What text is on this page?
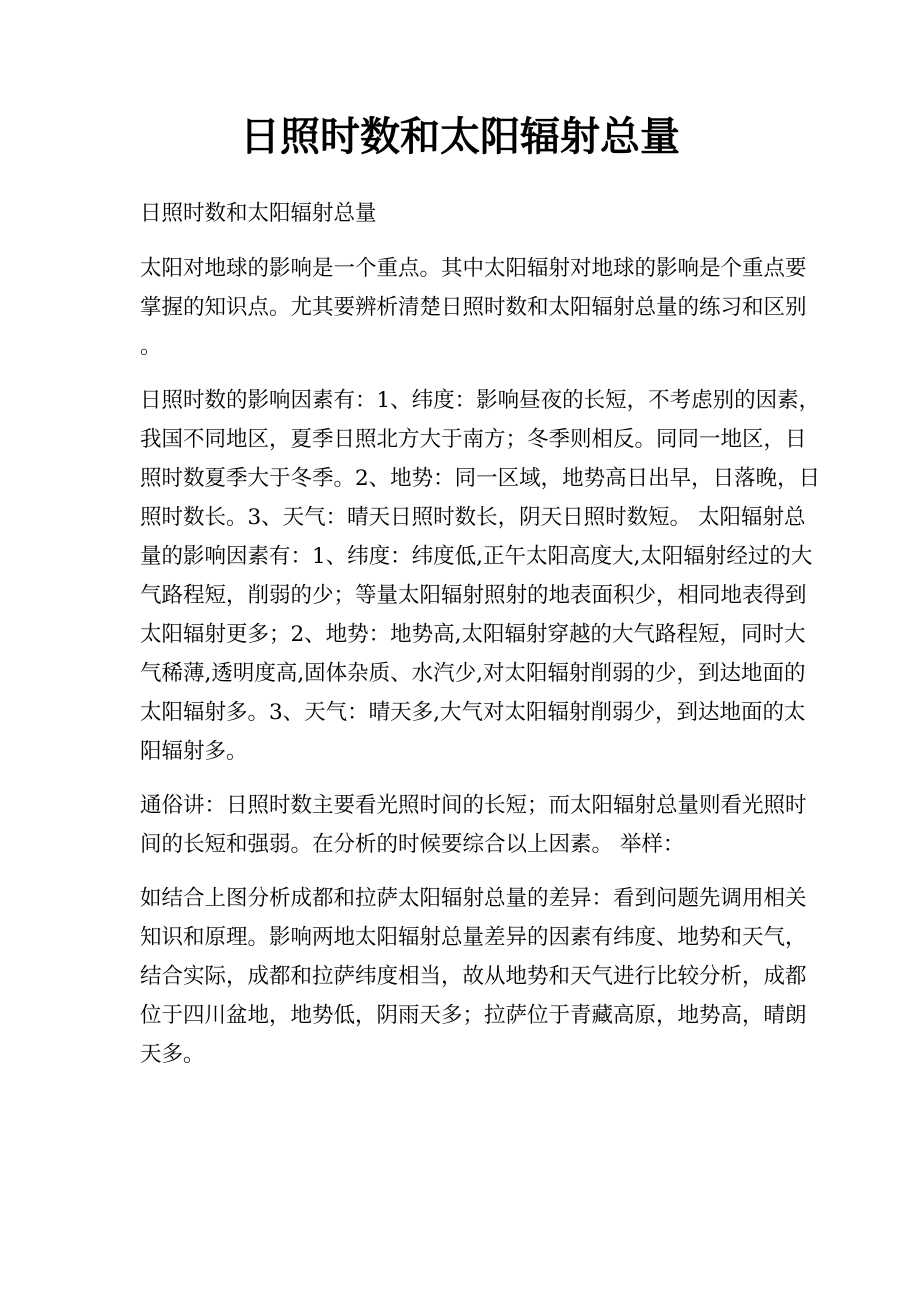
日照时数和太阳辐射总量
日照时数和太阳辐射总量
太阳对地球的影响是一个重点。其中太阳辐射对地球的影响是个重点要
掌握的知识点。尤其要辨析清楚日照时数和太阳辐射总量的练习和区别
。
日照时数的影响因素有：1、纬度：影响昼夜的长短，不考虑别的因素，
我国不同地区，夏季日照北方大于南方；冬季则相反。同同一地区，日
照时数夏季大于冬季。2、地势：同一区域，地势高日出早，日落晚，日
照时数长。3、天气：晴天日照时数长，阴天日照时数短。 太阳辐射总
量的影响因素有：1、纬度：纬度低,正午太阳高度大,太阳辐射经过的大
气路程短，削弱的少；等量太阳辐射照射的地表面积少，相同地表得到
太阳辐射更多；2、地势：地势高,太阳辐射穿越的大气路程短，同时大
气稀薄,透明度高,固体杂质、水汽少,对太阳辐射削弱的少，到达地面的
太阳辐射多。3、天气：晴天多,大气对太阳辐射削弱少，到达地面的太
阳辐射多。
通俗讲：日照时数主要看光照时间的长短；而太阳辐射总量则看光照时
间的长短和强弱。在分析的时候要综合以上因素。 举样：
如结合上图分析成都和拉萨太阳辐射总量的差异：看到问题先调用相关
知识和原理。影响两地太阳辐射总量差异的因素有纬度、地势和天气，
结合实际，成都和拉萨纬度相当，故从地势和天气进行比较分析，成都
位于四川盆地，地势低，阴雨天多；拉萨位于青藏高原，地势高，晴朗
天多。
